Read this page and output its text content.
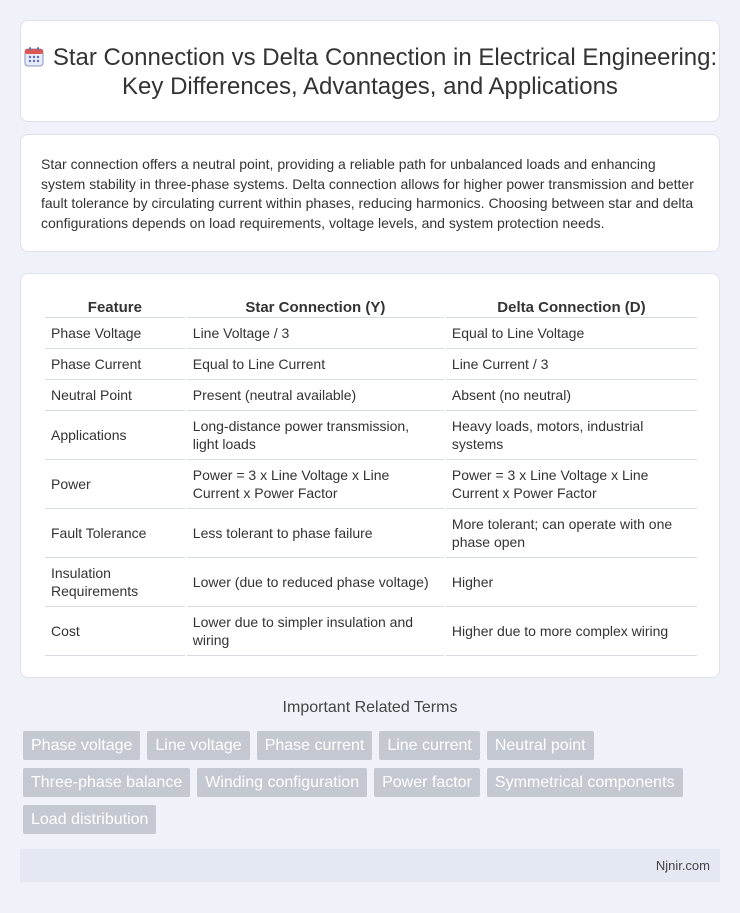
Star Connection vs Delta Connection in Electrical Engineering: Key Differences, Advantages, and Applications

Star connection offers a neutral point, providing a reliable path for unbalanced loads and enhancing system stability in three-phase systems. Delta connection allows for higher power transmission and better fault tolerance by circulating current within phases, reducing harmonics. Choosing between star and delta configurations depends on load requirements, voltage levels, and system protection needs.

Feature	Star Connection (Y)	Delta Connection (D)
Phase Voltage	Line Voltage / 3	Equal to Line Voltage
Phase Current	Equal to Line Current	Line Current / 3
Neutral Point	Present (neutral available)	Absent (no neutral)
Applications	Long-distance power transmission, light loads	Heavy loads, motors, industrial systems
Power	Power = 3 x Line Voltage x Line Current x Power Factor	Power = 3 x Line Voltage x Line Current x Power Factor
Fault Tolerance	Less tolerant to phase failure	More tolerant; can operate with one phase open
Insulation Requirements	Lower (due to reduced phase voltage)	Higher
Cost	Lower due to simpler insulation and wiring	Higher due to more complex wiring
Important Related Terms
Phase voltage	Line voltage	Phase current	Line current	Neutral point
Three-phase balance	Winding configuration	Power factor	Symmetrical components
Load distribution
Njnir.com
